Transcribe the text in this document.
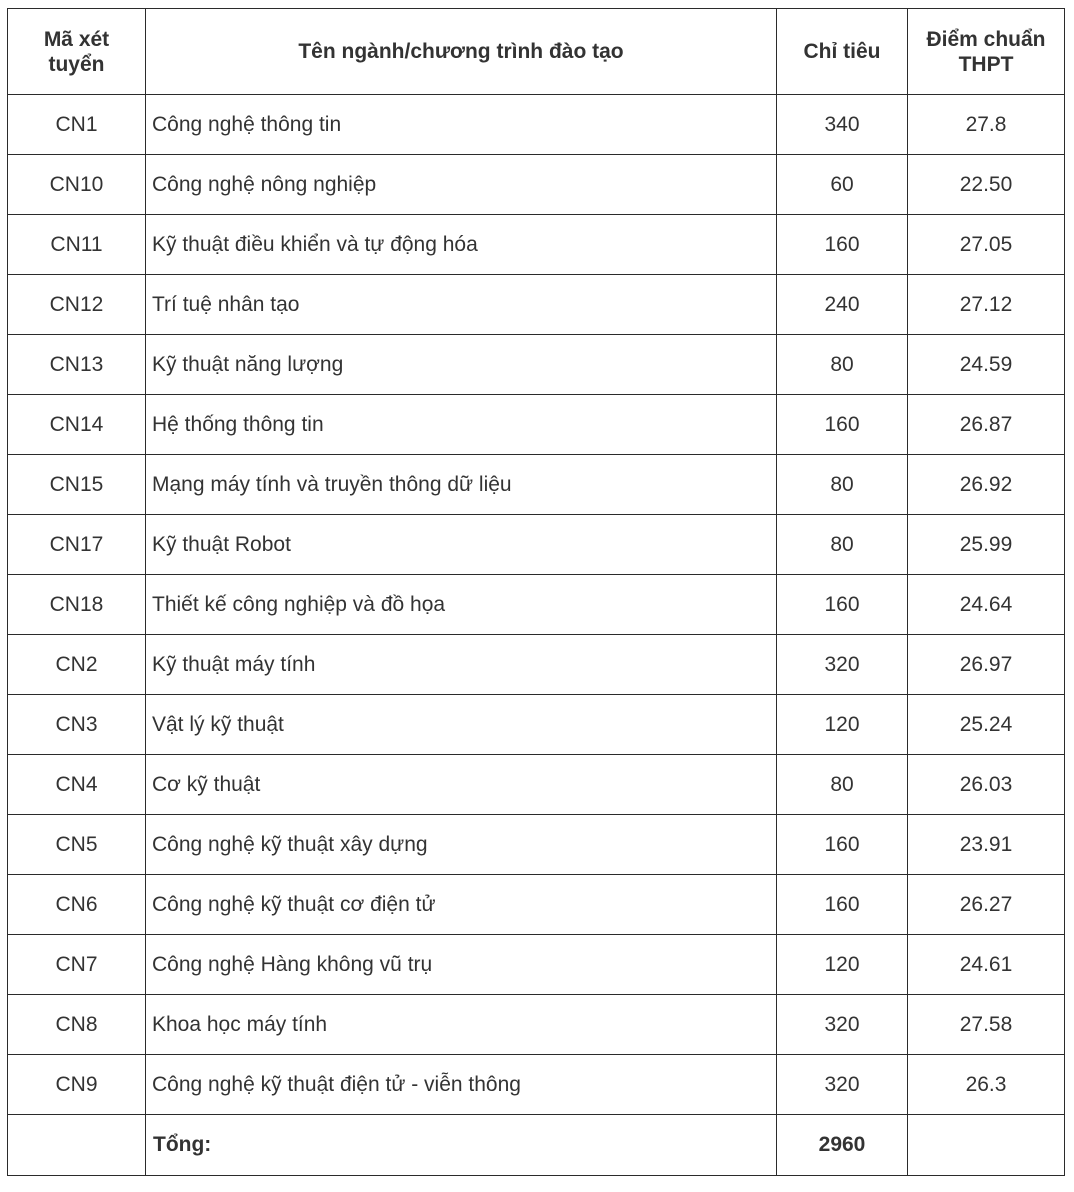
Mã xét tuyển	Tên ngành/chương trình đào tạo	Chỉ tiêu	Điểm chuẩn THPT
CN1	Công nghệ thông tin	340	27.8
CN10	Công nghệ nông nghiệp	60	22.50
CN11	Kỹ thuật điều khiển và tự động hóa	160	27.05
CN12	Trí tuệ nhân tạo	240	27.12
CN13	Kỹ thuật năng lượng	80	24.59
CN14	Hệ thống thông tin	160	26.87
CN15	Mạng máy tính và truyền thông dữ liệu	80	26.92
CN17	Kỹ thuật Robot	80	25.99
CN18	Thiết kế công nghiệp và đồ họa	160	24.64
CN2	Kỹ thuật máy tính	320	26.97
CN3	Vật lý kỹ thuật	120	25.24
CN4	Cơ kỹ thuật	80	26.03
CN5	Công nghệ kỹ thuật xây dựng	160	23.91
CN6	Công nghệ kỹ thuật cơ điện tử	160	26.27
CN7	Công nghệ Hàng không vũ trụ	120	24.61
CN8	Khoa học máy tính	320	27.58
CN9	Công nghệ kỹ thuật điện tử - viễn thông	320	26.3
	Tổng:	2960	
